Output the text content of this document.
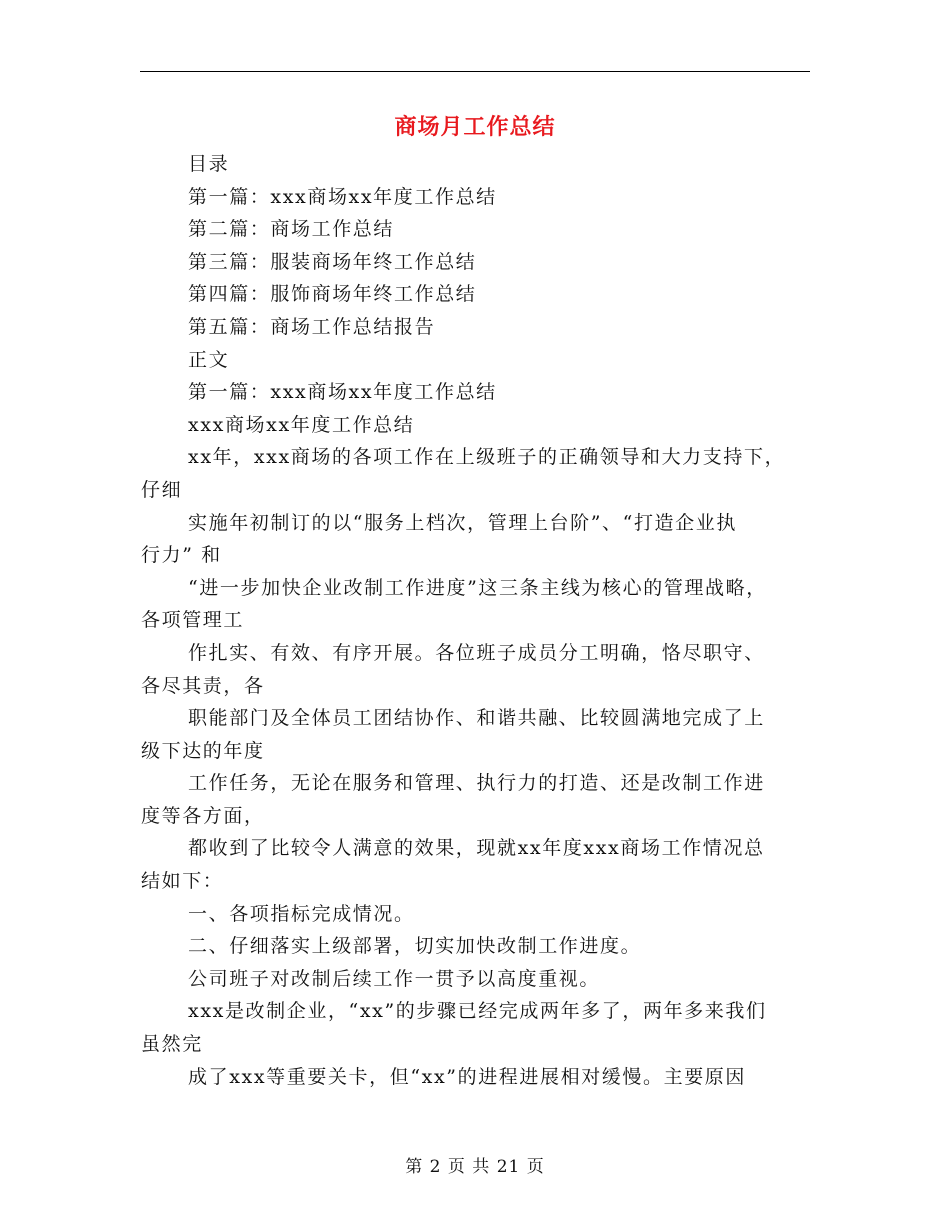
商场月工作总结
目录
第一篇：xxx商场xx年度工作总结
第二篇：商场工作总结
第三篇：服装商场年终工作总结
第四篇：服饰商场年终工作总结
第五篇：商场工作总结报告
正文
第一篇：xxx商场xx年度工作总结
xxx商场xx年度工作总结
xx年，xxx商场的各项工作在上级班子的正确领导和大力支持下，
仔细
实施年初制订的以“服务上档次，管理上台阶”、“打造企业执
行力” 和
“进一步加快企业改制工作进度”这三条主线为核心的管理战略，
各项管理工
作扎实、有效、有序开展。各位班子成员分工明确，恪尽职守、
各尽其责，各
职能部门及全体员工团结协作、和谐共融、比较圆满地完成了上
级下达的年度
工作任务，无论在服务和管理、执行力的打造、还是改制工作进
度等各方面，
都收到了比较令人满意的效果，现就xx年度xxx商场工作情况总
结如下：
一、各项指标完成情况。
二、仔细落实上级部署，切实加快改制工作进度。
公司班子对改制后续工作一贯予以高度重视。
xxx是改制企业，“xx”的步骤已经完成两年多了，两年多来我们
虽然完
成了xxx等重要关卡，但“xx”的进程进展相对缓慢。主要原因
第 2 页 共 21 页
